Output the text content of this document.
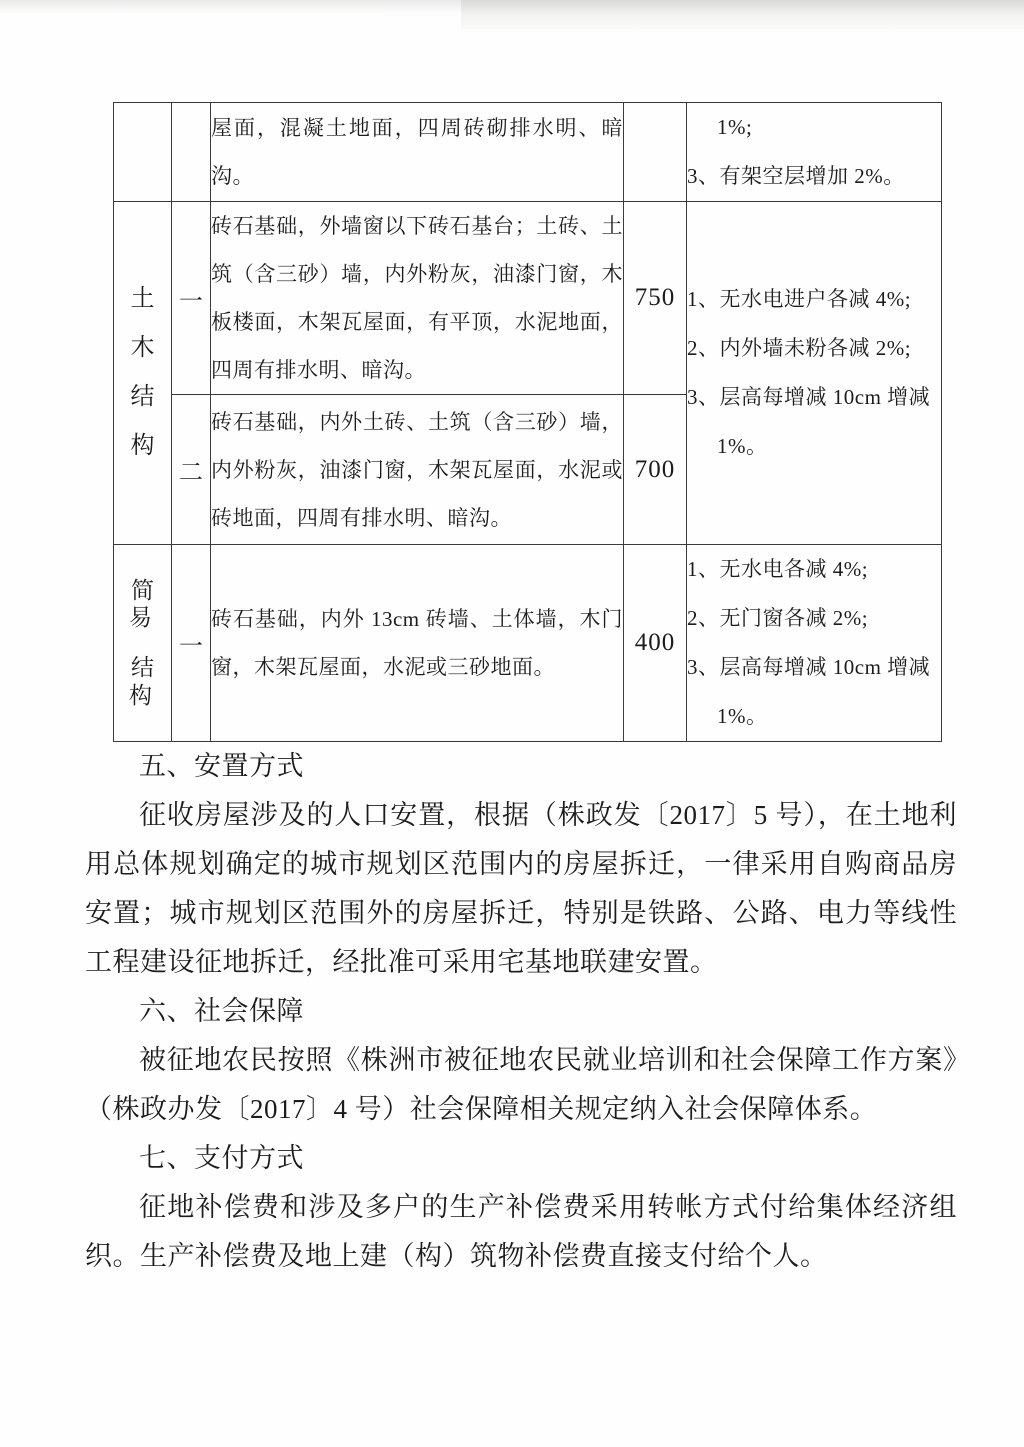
		屋面，混凝土地面，四周砖砌排水明、暗沟。		1%;
3、有架空层增加 2%。

土
木
结
构
	一	砖石基础，外墙窗以下砖石基台；土砖、土筑（含三砂）墙，内外粉灰，油漆门窗，木板楼面，木架瓦屋面，有平顶，水泥地面，四周有排水明、暗沟。	750	1、无水电进户各减 4%;
2、内外墙未粉各减 2%;
3、层高每增减 10cm 增减
1%。

	二	砖石基础，内外土砖、土筑（含三砂）墙，内外粉灰，油漆门窗，木架瓦屋面，水泥或砖地面，四周有排水明、暗沟。	700	

简易
结构
	一	砖石基础，内外 13cm 砖墙、土体墙，木门窗，木架瓦屋面，水泥或三砂地面。	400	
1、无水电各减 4%;
2、无门窗各减 2%;
3、层高每增减 10cm 增减
1%。
五、安置方式

征收房屋涉及的人口安置，根据（株政发〔2017〕5 号），在土地利用总体规划确定的城市规划区范围内的房屋拆迁，一律采用自购商品房安置；城市规划区范围外的房屋拆迁，特别是铁路、公路、电力等线性工程建设征地拆迁，经批准可采用宅基地联建安置。

六、社会保障

被征地农民按照《株洲市被征地农民就业培训和社会保障工作方案》（株政办发〔2017〕4 号）社会保障相关规定纳入社会保障体系。

七、支付方式

征地补偿费和涉及多户的生产补偿费采用转帐方式付给集体经济组织。生产补偿费及地上建（构）筑物补偿费直接支付给个人。
